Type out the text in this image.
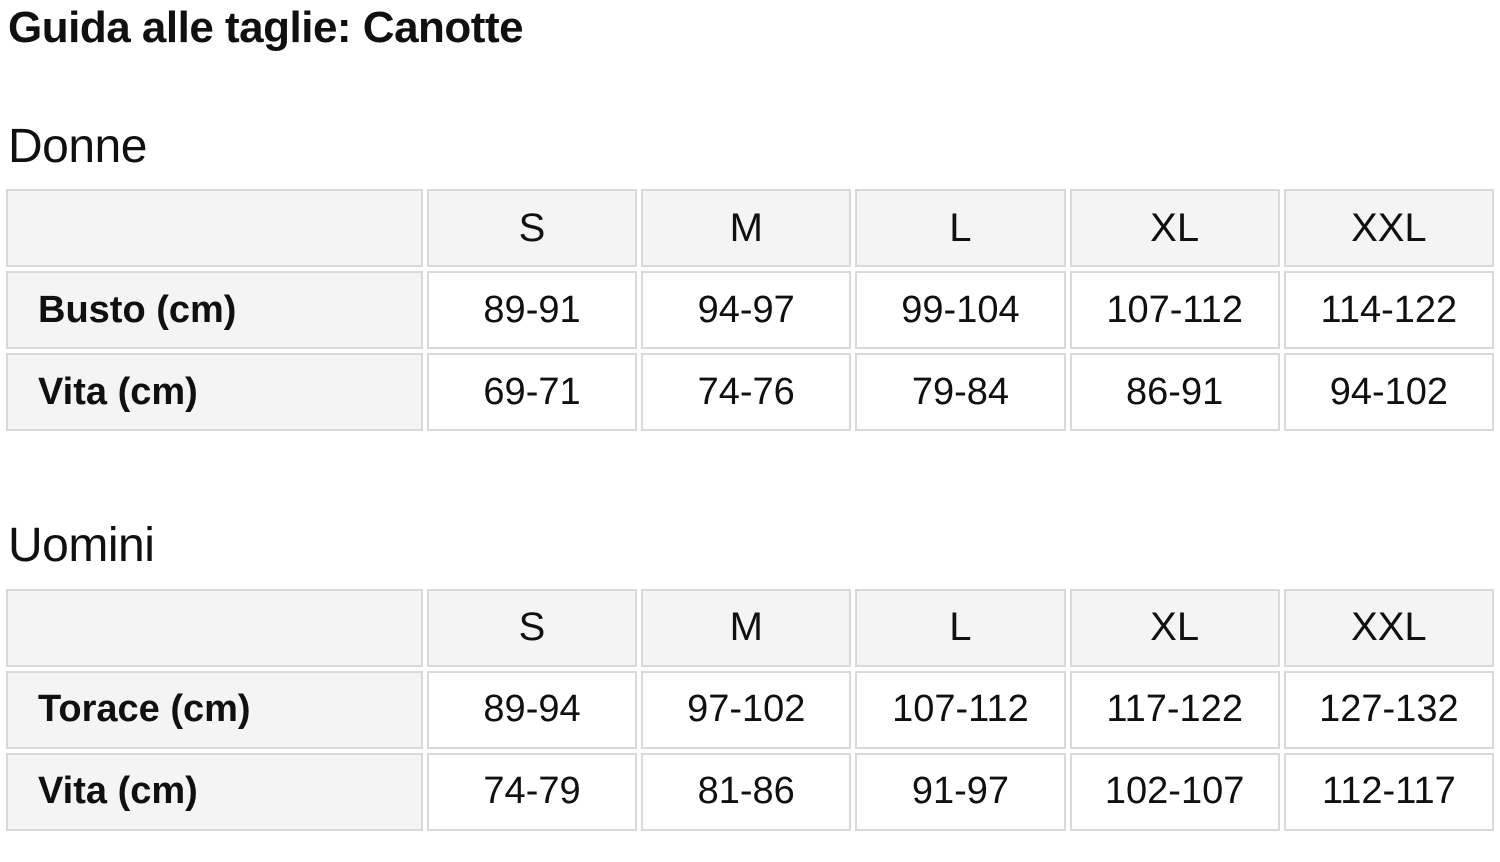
Guida alle taglie: Canotte
Donne
	S	M	L	XL	XXL
Busto (cm)	89-91	94-97	99-104	107-112	114-122
Vita (cm)	69-71	74-76	79-84	86-91	94-102
Uomini
	S	M	L	XL	XXL
Torace (cm)	89-94	97-102	107-112	117-122	127-132
Vita (cm)	74-79	81-86	91-97	102-107	112-117
